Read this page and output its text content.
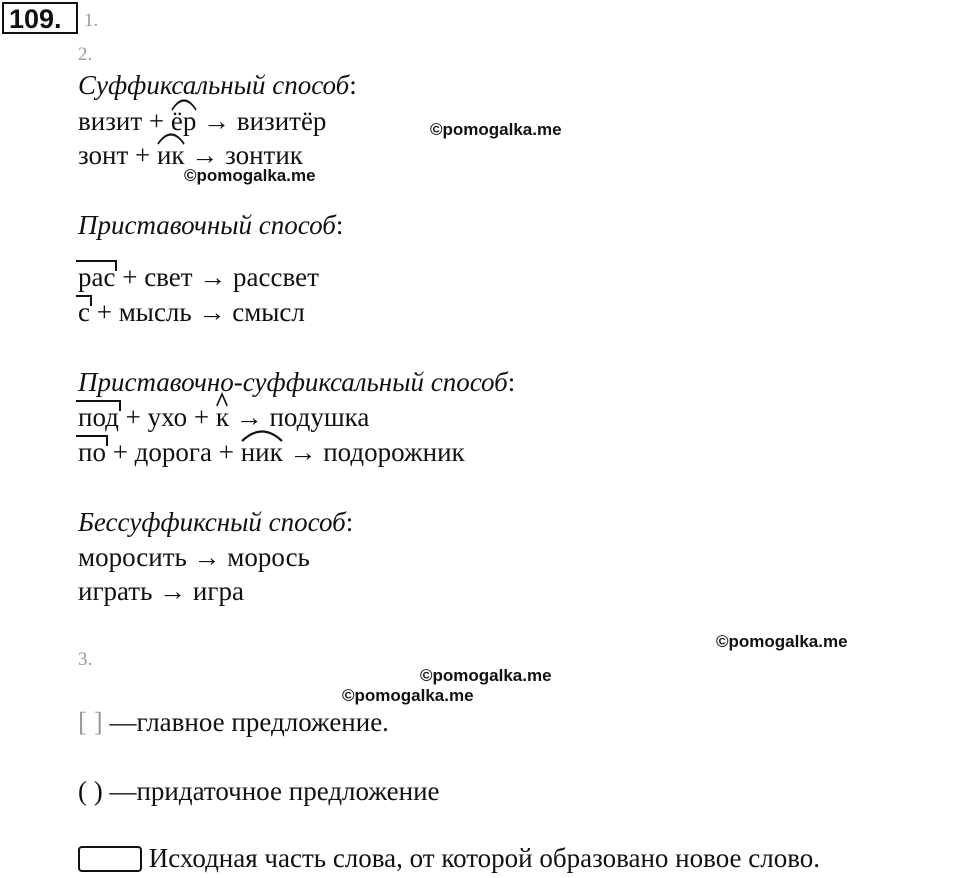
109.	1.
2.
Суффиксальный способ:
визит +
ёр → визитёр
зонт +
ик → зонтик
Приставочный способ:
рас + свет → рассвет
с + мысль → смысл
Приставочно-суффиксальный способ:
под + ухо +
к → подушка
по + дорога +
ник → подорожник
Бессуффиксный способ:
моросить → морось
играть → игра
3.
[ ] —главное предложение.
( ) —придаточное предложение
Исходная часть слова, от которой образовано новое слово.
©pomogalka.me
©pomogalka.me
©pomogalka.me
©pomogalka.me
©pomogalka.me
